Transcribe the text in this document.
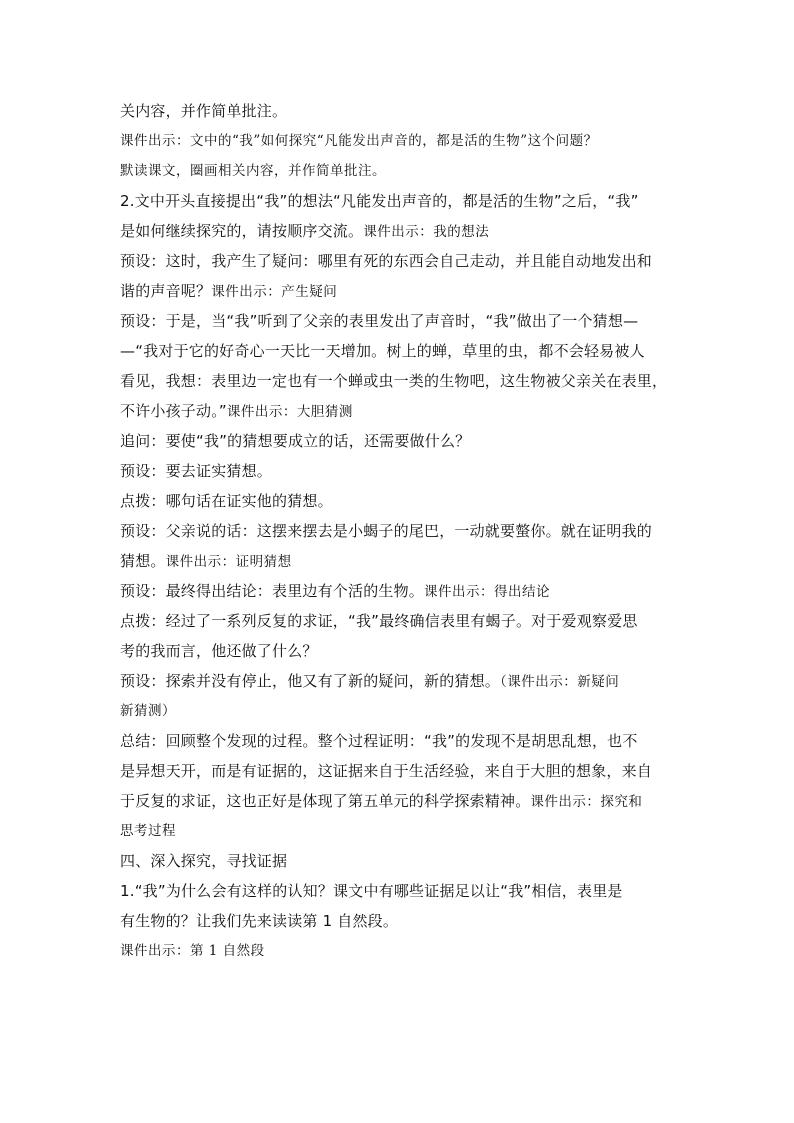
关内容，并作简单批注。
课件出示：文中的“我”如何探究“凡能发出声音的，都是活的生物”这个问题？
默读课文，圈画相关内容，并作简单批注。
2.文中开头直接提出“我”的想法“凡能发出声音的，都是活的生物”之后，“我”
是如何继续探究的，请按顺序交流。课件出示：我的想法
预设：这时，我产生了疑问：哪里有死的东西会自己走动，并且能自动地发出和
谐的声音呢？课件出示：产生疑问
预设：于是，当“我”听到了父亲的表里发出了声音时，“我”做出了一个猜想—
—“我对于它的好奇心一天比一天增加。树上的蝉，草里的虫，都不会轻易被人
看见，我想：表里边一定也有一个蝉或虫一类的生物吧，这生物被父亲关在表里，
不许小孩子动。”课件出示：大胆猜测
追问：要使“我”的猜想要成立的话，还需要做什么？
预设：要去证实猜想。
点拨：哪句话在证实他的猜想。
预设：父亲说的话：这摆来摆去是小蝎子的尾巴，一动就要螫你。就在证明我的
猜想。课件出示：证明猜想
预设：最终得出结论：表里边有个活的生物。课件出示：得出结论
点拨：经过了一系列反复的求证，“我”最终确信表里有蝎子。对于爱观察爱思
考的我而言，他还做了什么？
预设：探索并没有停止，他又有了新的疑问，新的猜想。（课件出示：新疑问
新猜测）
总结：回顾整个发现的过程。整个过程证明：“我”的发现不是胡思乱想，也不
是异想天开，而是有证据的，这证据来自于生活经验，来自于大胆的想象，来自
于反复的求证，这也正好是体现了第五单元的科学探索精神。课件出示：探究和
思考过程
四、深入探究，寻找证据
1.“我”为什么会有这样的认知？课文中有哪些证据足以让“我”相信，表里是
有生物的？让我们先来读读第 1 自然段。
课件出示：第 1 自然段
